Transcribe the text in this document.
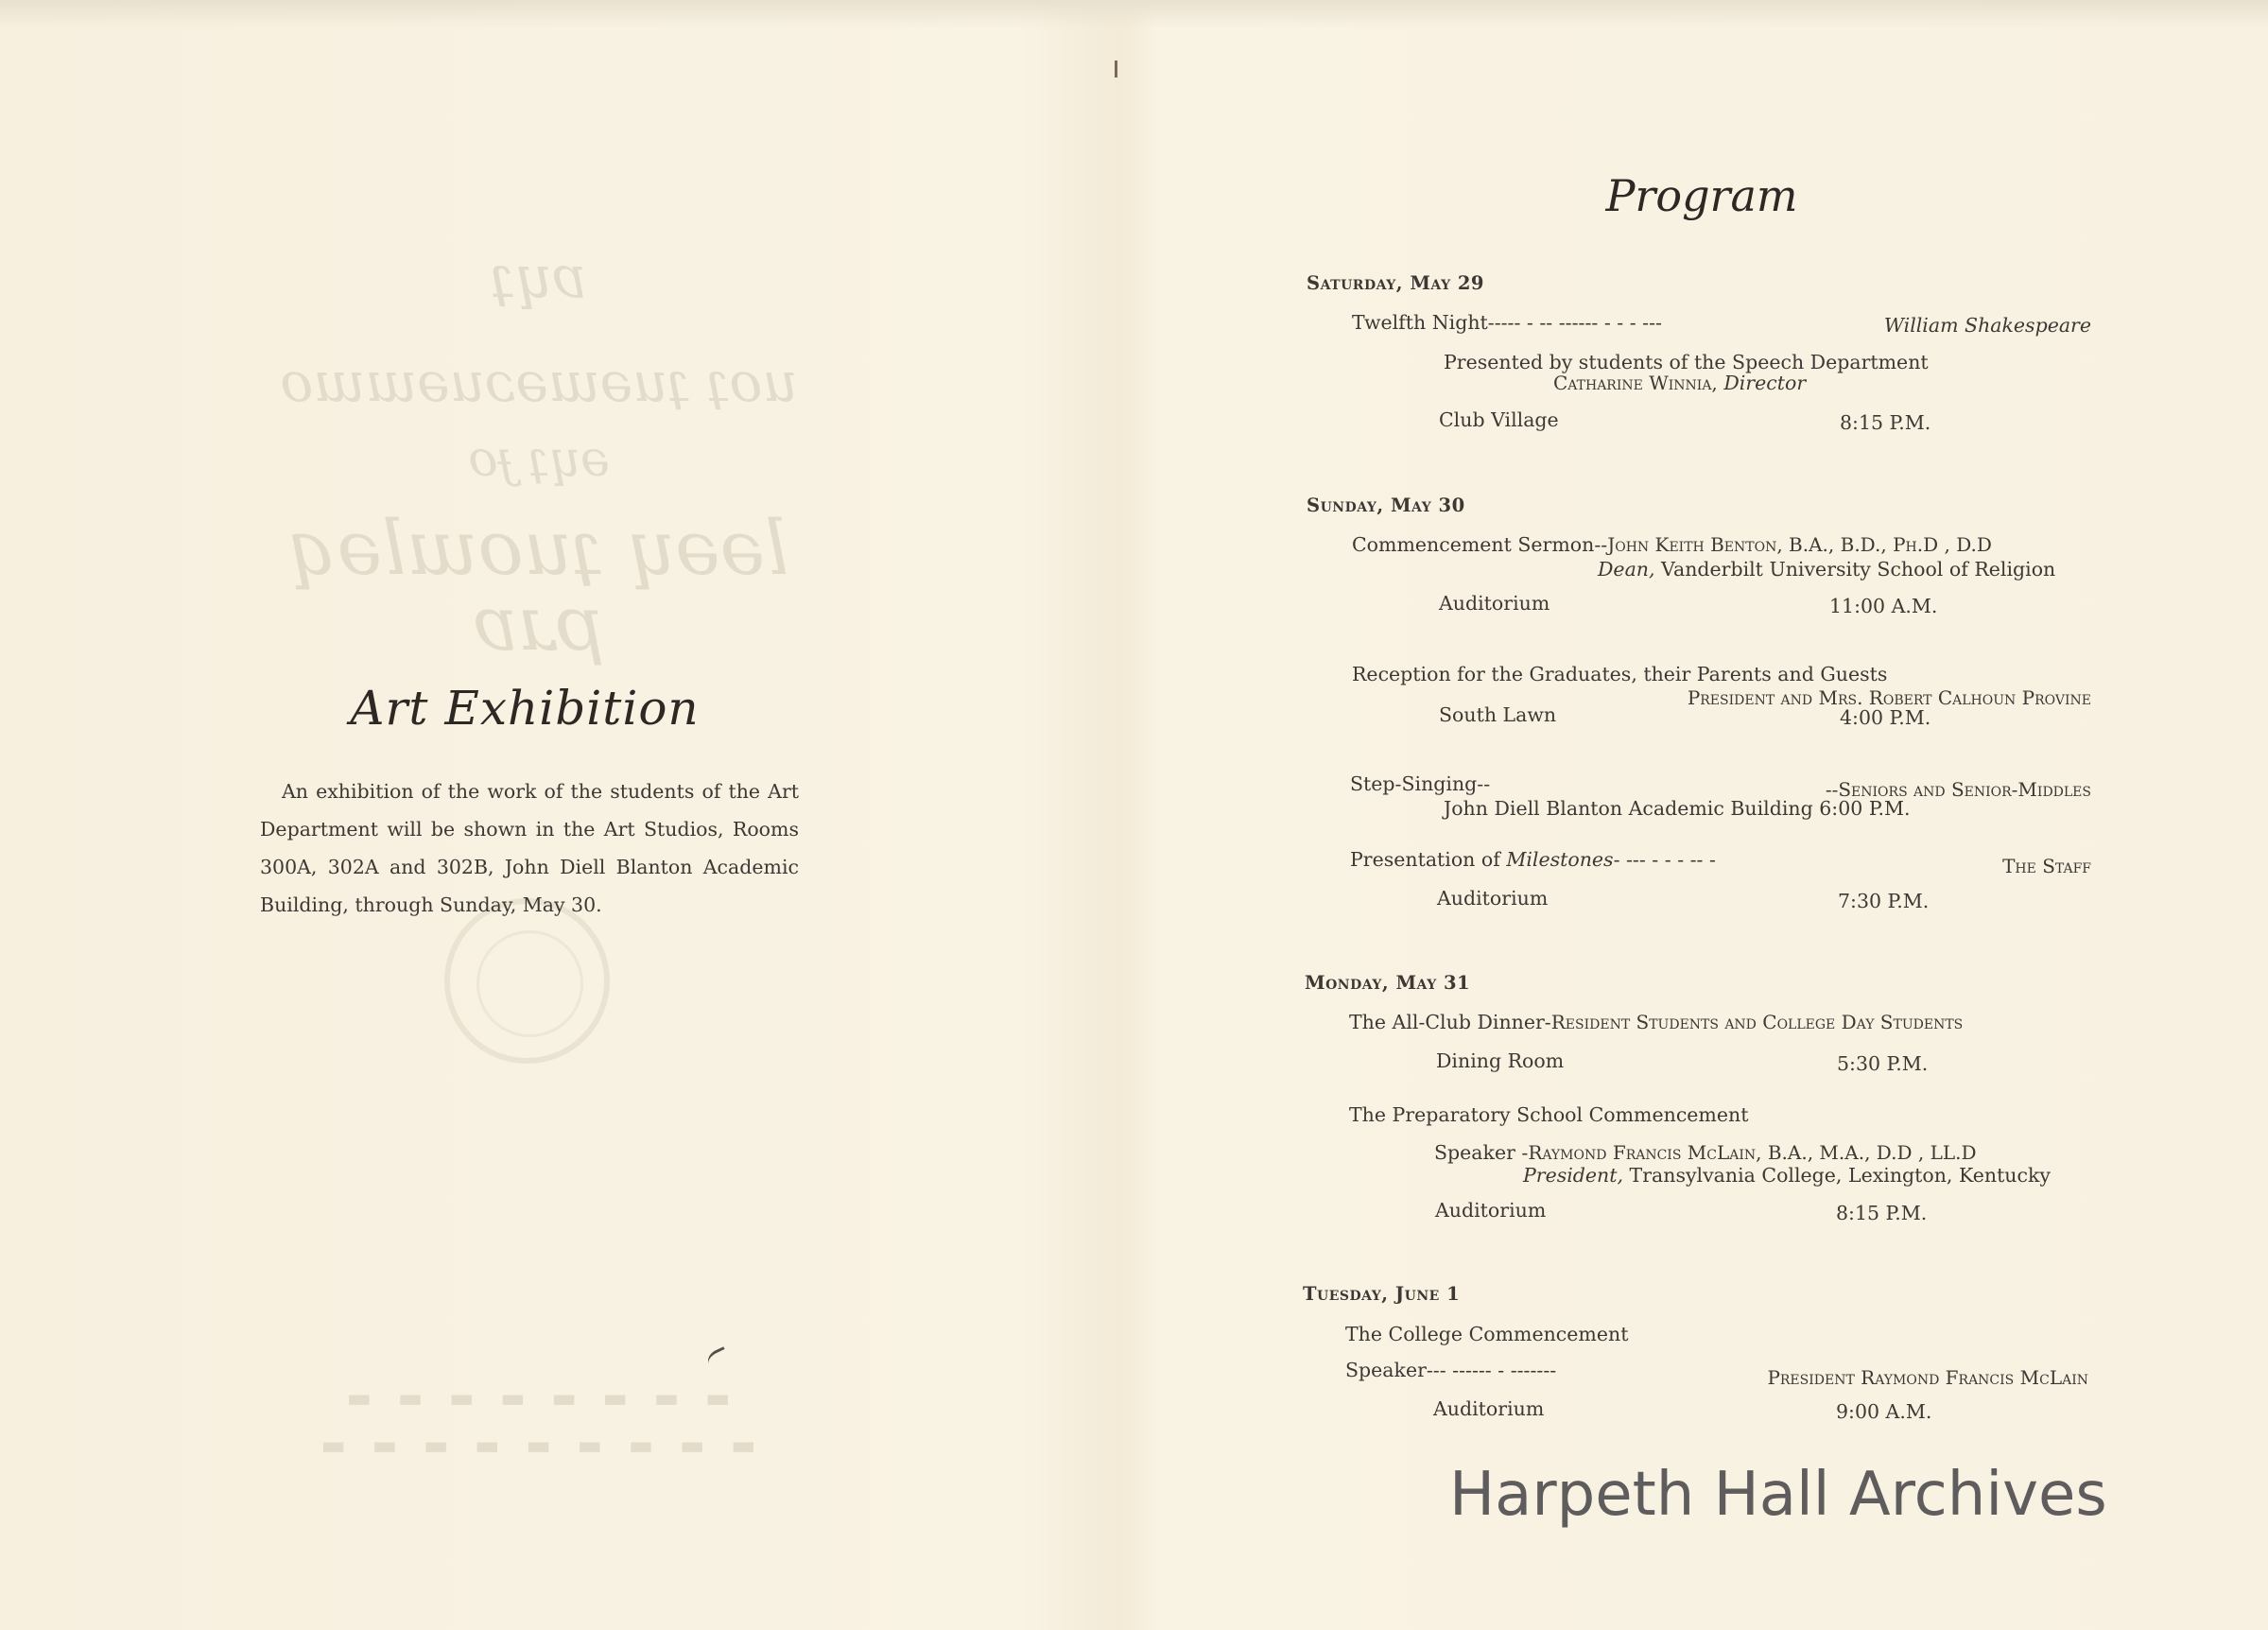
ɐɥʇ
uoʇ ʇuǝɯǝɔuǝɯɯo
ǝɥʇ ɟo
lǝǝɥ ʇuoɯlǝq pɹɐ
▬ ▬ ▬ ▬ ▬ ▬ ▬ ▬
▬ ▬ ▬ ▬ ▬ ▬ ▬ ▬ ▬
Art Exhibition
An exhibition of the work of the students of the Art Department will be shown in the Art Studios, Rooms 300A, 302A and 302B, John Diell Blanton Academic Building, through Sunday, May 30.
Program
Saturday, May 29
Twelfth Night----- - -- ------ - - - ---	William Shakespeare
Presented by students of the Speech Department
Catharine Winnia, Director
Club Village	8:15 P.M.
Sunday, May 30
Commencement Sermon--John Keith Benton, B.A., B.D., Ph.D , D.D
Dean, Vanderbilt University School of Religion
Auditorium	11:00 A.M.
Reception for the Graduates, their Parents and Guests
President and Mrs. Robert Calhoun Provine
South Lawn	4:00 P.M.
Step-Singing--	--Seniors and Senior-Middles
John Diell Blanton Academic Building 6:00 P.M.
Presentation of Milestones- --- - - - -- -	The Staff
Auditorium	7:30 P.M.
Monday, May 31
The All-Club Dinner-Resident Students and College Day Students
Dining Room	5:30 P.M.
The Preparatory School Commencement
Speaker -Raymond Francis McLain, B.A., M.A., D.D , LL.D
President, Transylvania College, Lexington, Kentucky
Auditorium	8:15 P.M.
Tuesday, June 1
The College Commencement
Speaker--- ------ - -------	President Raymond Francis McLain
Auditorium	9:00 A.M.
Harpeth Hall Archives
